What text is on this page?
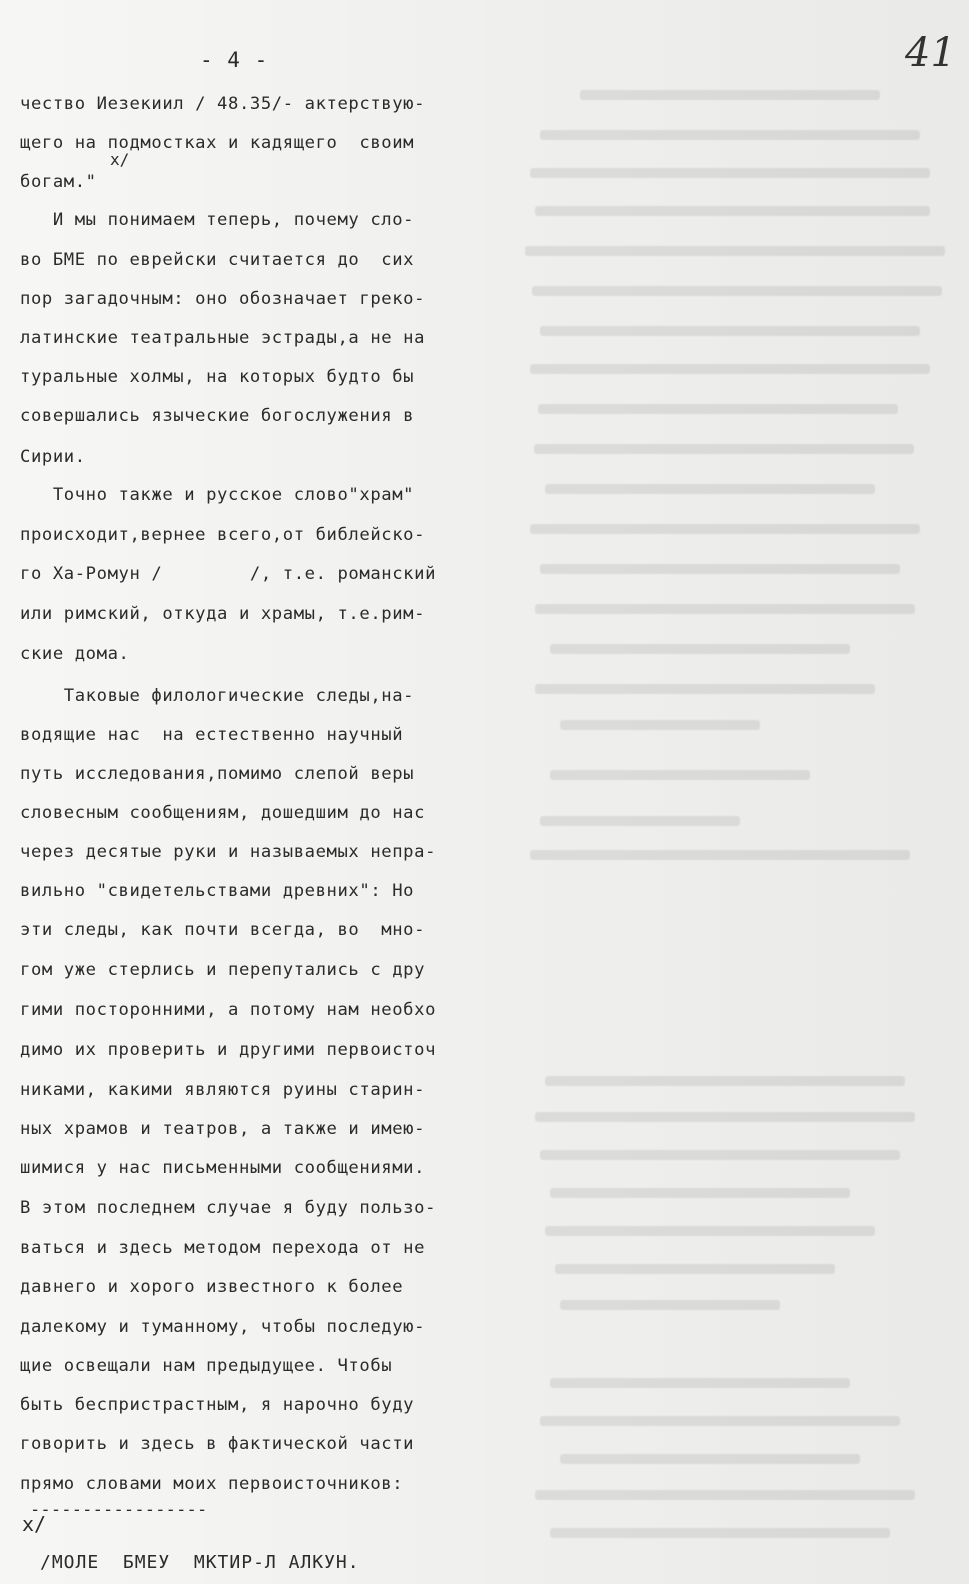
- 4 -	41
чество Иезекиил / 48.35/- актерствую-
щего на подмостках и кадящего  своим
богам."
x/
И мы понимаем теперь, почему сло-
во БМЕ по еврейски считается до  сих
пор загадочным: оно обозначает греко-
латинские театральные эстрады,а не на
туральные холмы, на которых будто бы
совершались языческие богослужения в
Сирии.
Точно также и русское слово"храм"
происходит,вернее всего,от библейско-
го Ха-Ромун /        /, т.е. романский
или римский, откуда и храмы, т.е.рим-
ские дома.
Таковые филологические следы,на-
водящие нас  на естественно научный
путь исследования,помимо слепой веры
словесным сообщениям, дошедшим до нас
через десятые руки и называемых непра-
вильно "свидетельствами древних": Но
эти следы, как почти всегда, во  мно-
гом уже стерлись и перепутались с дру
гими посторонними, а потому нам необхо
димо их проверить и другими первоисточ
никами, какими являются руины старин-
ных храмов и театров, а также и имею-
шимися у нас письменными сообщениями.
В этом последнем случае я буду пользо-
ваться и здесь методом перехода от не
давнего и хорого известного к более
далекому и туманному, чтобы последую-
щие освещали нам предыдущее. Чтобы
быть беспристрастным, я нарочно буду
говорить и здесь в фактической части
прямо словами моих первоисточников:
-----------------
x/
/МОЛЕ  БМЕУ  МКТИР-Л АЛКУН.
